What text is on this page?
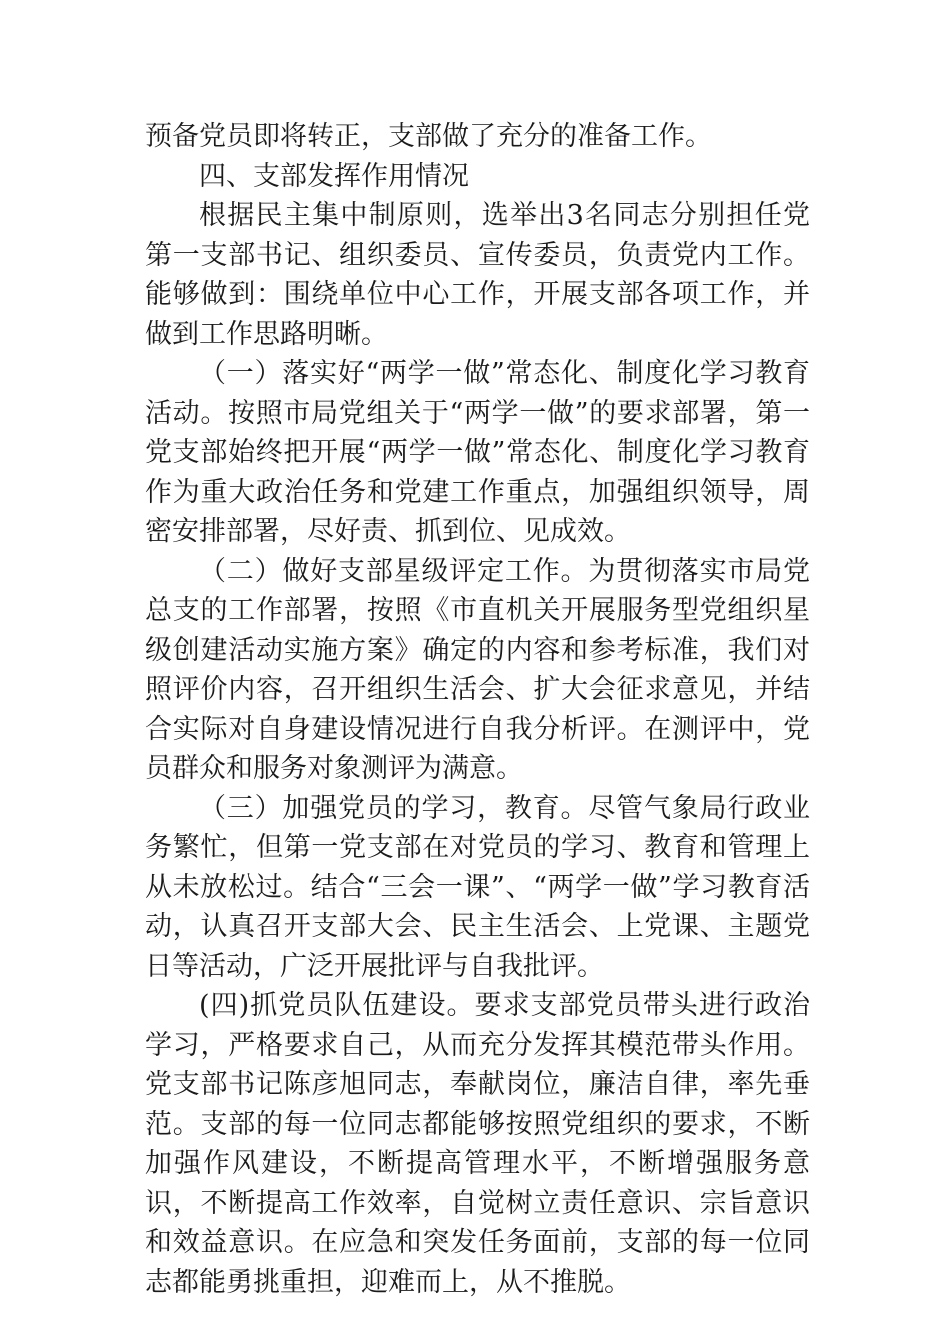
预备党员即将转正，支部做了充分的准备工作。

四、支部发挥作用情况

根据民主集中制原则，选举出3名同志分别担任党第一支部书记、组织委员、宣传委员，负责党内工作。能够做到：围绕单位中心工作，开展支部各项工作，并做到工作思路明晰。

（一）落实好“两学一做”常态化、制度化学习教育活动。按照市局党组关于“两学一做”的要求部署，第一党支部始终把开展“两学一做”常态化、制度化学习教育作为重大政治任务和党建工作重点，加强组织领导，周密安排部署，尽好责、抓到位、见成效。

（二）做好支部星级评定工作。为贯彻落实市局党总支的工作部署，按照《市直机关开展服务型党组织星级创建活动实施方案》确定的内容和参考标准，我们对照评价内容，召开组织生活会、扩大会征求意见，并结合实际对自身建设情况进行自我分析评。在测评中，党员群众和服务对象测评为满意。

（三）加强党员的学习，教育。尽管气象局行政业务繁忙，但第一党支部在对党员的学习、教育和管理上从未放松过。结合“三会一课”、“两学一做”学习教育活动，认真召开支部大会、民主生活会、上党课、主题党日等活动，广泛开展批评与自我批评。

(四)抓党员队伍建设。要求支部党员带头进行政治学习，严格要求自己，从而充分发挥其模范带头作用。党支部书记陈彦旭同志，奉献岗位，廉洁自律，率先垂范。支部的每一位同志都能够按照党组织的要求，不断加强作风建设，不断提高管理水平，不断增强服务意识，不断提高工作效率，自觉树立责任意识、宗旨意识和效益意识。在应急和突发任务面前，支部的每一位同志都能勇挑重担，迎难而上，从不推脱。
